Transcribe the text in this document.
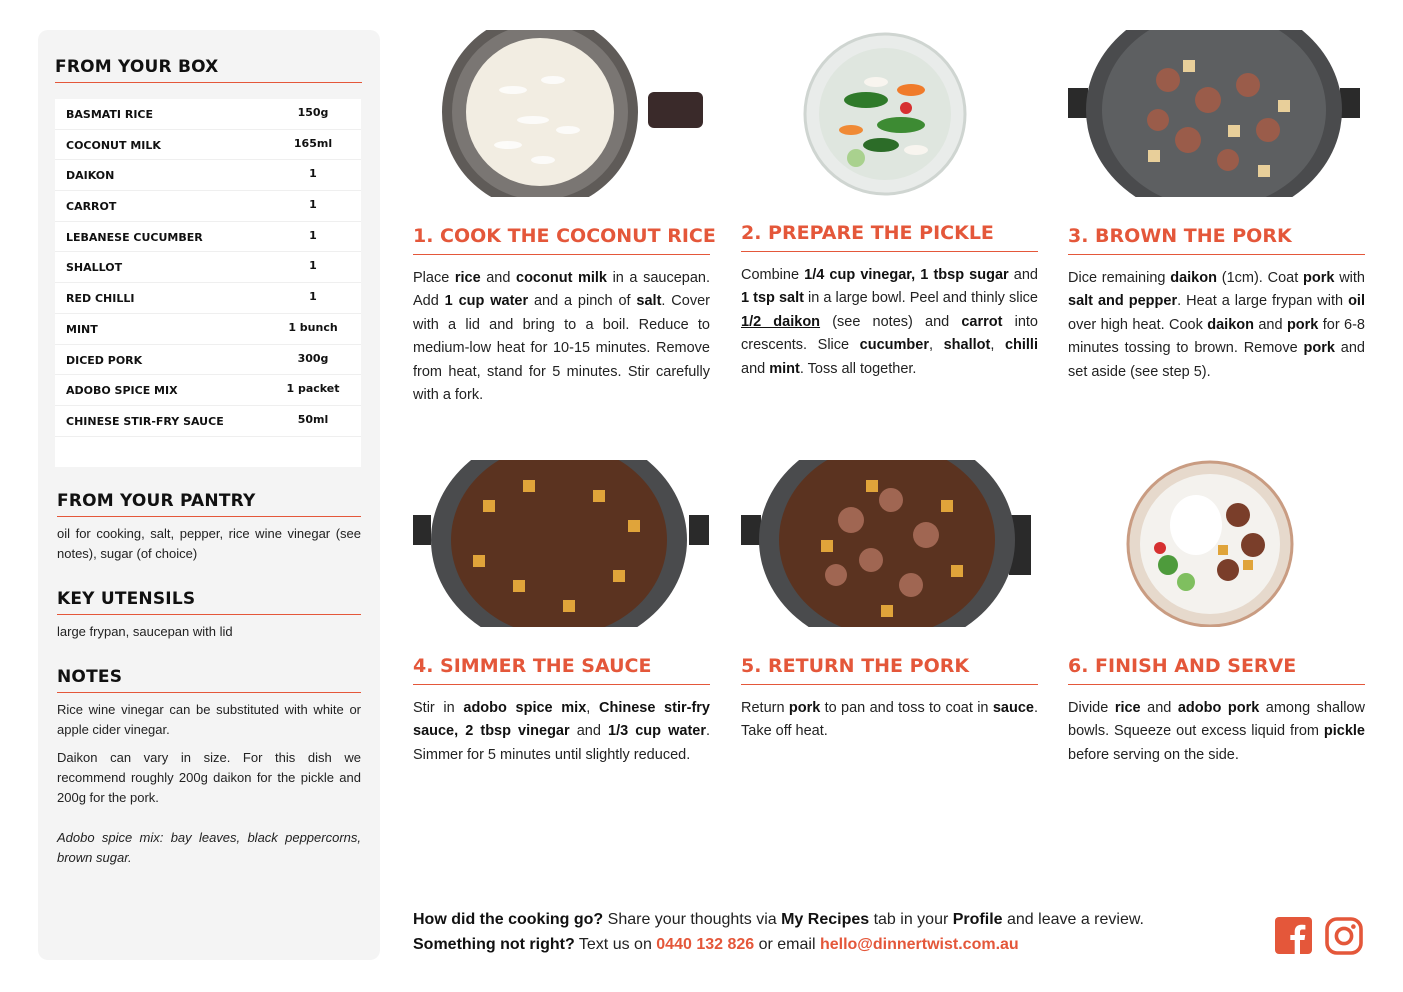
FROM YOUR BOX
BASMATI RICE	150g
COCONUT MILK	165ml
DAIKON	1
CARROT	1
LEBANESE CUCUMBER	1
SHALLOT	1
RED CHILLI	1
MINT	1 bunch
DICED PORK	300g
ADOBO SPICE MIX	1 packet
CHINESE STIR-FRY SAUCE	50ml
FROM YOUR PANTRY
oil for cooking, salt, pepper, rice wine vinegar (see notes), sugar (of choice)
KEY UTENSILS
large frypan, saucepan with lid
NOTES
Rice wine vinegar can be substituted with white or apple cider vinegar.
Daikon can vary in size. For this dish we recommend roughly 200g daikon for the pickle and 200g for the pork.
Adobo spice mix: bay leaves, black peppercorns, brown sugar.
1. COOK THE COCONUT RICE
Place rice and coconut milk in a saucepan. Add 1 cup water and a pinch of salt. Cover with a lid and bring to a boil. Reduce to medium-low heat for 10-15 minutes. Remove from heat, stand for 5 minutes. Stir carefully with a fork.
2. PREPARE THE PICKLE
Combine 1/4 cup vinegar, 1 tbsp sugar and 1 tsp salt in a large bowl. Peel and thinly slice 1/2 daikon (see notes) and carrot into crescents. Slice cucumber, shallot, chilli and mint. Toss all together.
3. BROWN THE PORK
Dice remaining daikon (1cm). Coat pork with salt and pepper. Heat a large frypan with oil over high heat. Cook daikon and pork for 6-8 minutes tossing to brown. Remove pork and set aside (see step 5).
4. SIMMER THE SAUCE
Stir in adobo spice mix, Chinese stir-fry sauce, 2 tbsp vinegar and 1/3 cup water. Simmer for 5 minutes until slightly reduced.
5. RETURN THE PORK
Return pork to pan and toss to coat in sauce. Take off heat.
6. FINISH AND SERVE
Divide rice and adobo pork among shallow bowls. Squeeze out excess liquid from pickle before serving on the side.
How did the cooking go? Share your thoughts via My Recipes tab in your Profile and leave a review.
Something not right? Text us on 0440 132 826 or email hello@dinnertwist.com.au
